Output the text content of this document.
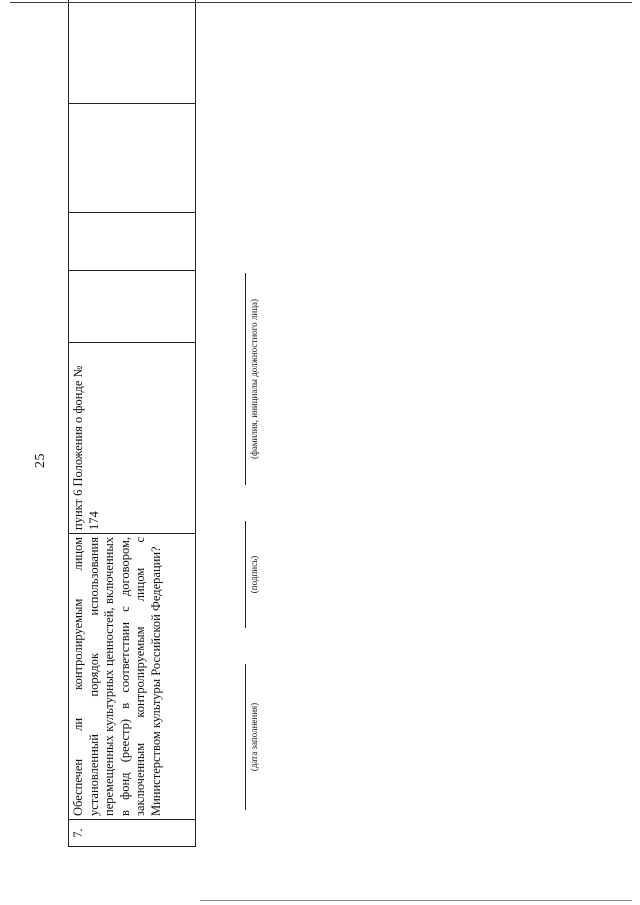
25
7.	Обеспечен ли контролируемым лицом установленный порядок использования перемещенных культурных ценностей, включенных в фонд (реестр) в соответствии с договором, заключенным контролируемым лицом с Министерством культуры Российской Федерации?	пункт 6 Положения о фонде № 174				
(дата заполнения)
(подпись)
(фамилия, инициалы должностного лица)
